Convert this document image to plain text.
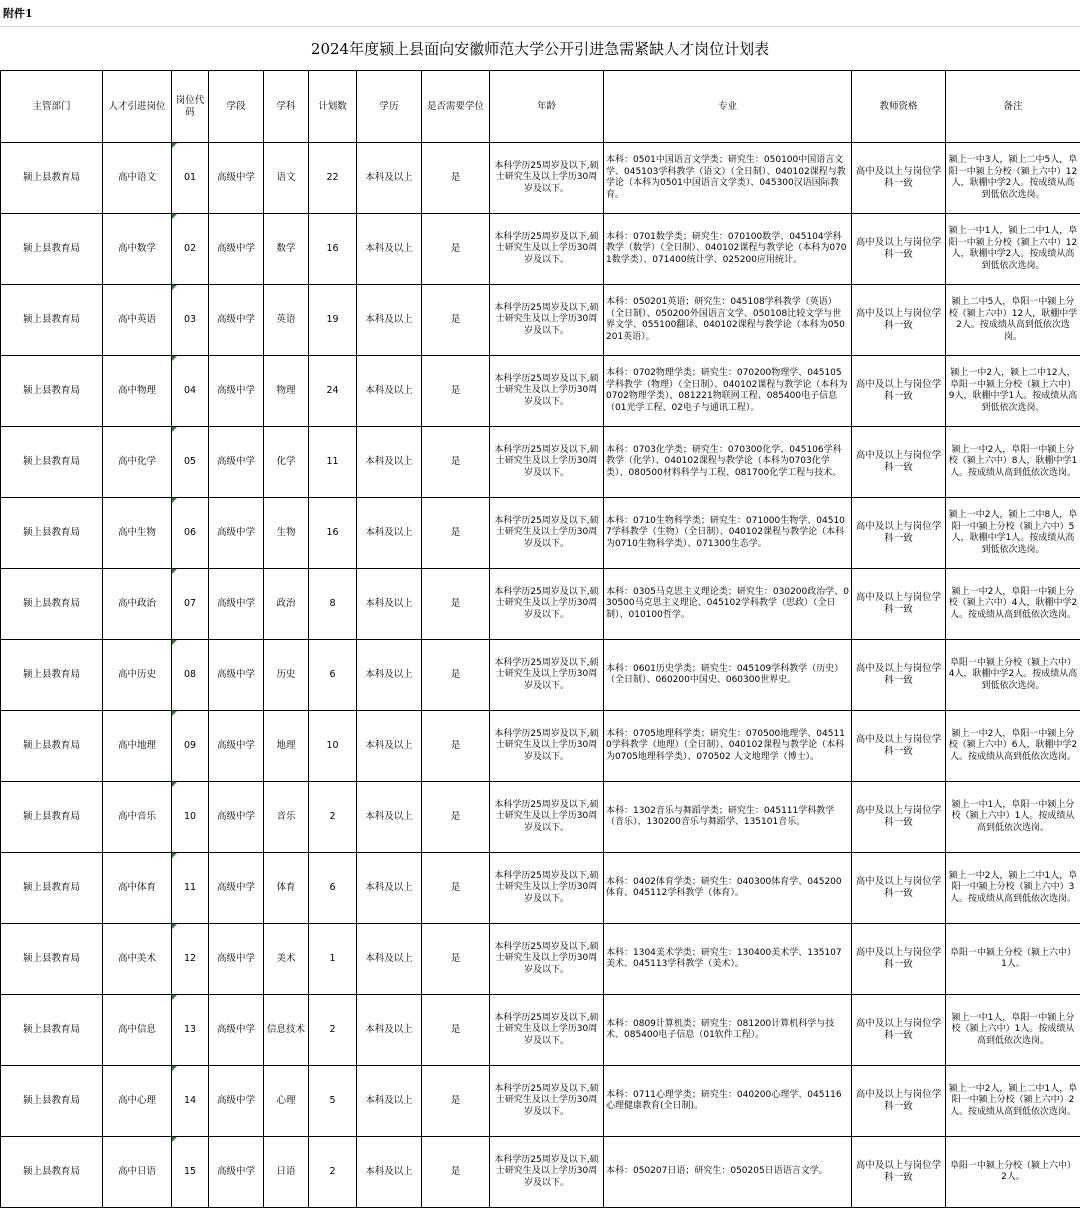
附件1
2024年度颍上县面向安徽师范大学公开引进急需紧缺人才岗位计划表
主管部门	人才引进岗位	岗位代码	学段	学科	计划数	学历	是否需要学位	年龄	专业	教师资格	备注
颍上县教育局	高中语文	01	高级中学	语文	22	本科及以上	是	本科学历25周岁及以下,硕士研究生及以上学历30周岁及以下。	本科：0501中国语言文学类；研究生：050100中国语言文学、045103学科教学（语文）（全日制）、040102课程与教学论（本科为0501中国语言文学类）、045300汉语国际教育。	高中及以上与岗位学科一致	颍上一中3人，颍上二中5人，阜阳一中颍上分校（颍上六中）12人，耿棚中学2人。按成绩从高到低依次选岗。
颍上县教育局	高中数学	02	高级中学	数学	16	本科及以上	是	本科学历25周岁及以下,硕士研究生及以上学历30周岁及以下。	本科：0701数学类；研究生：070100数学、045104学科教学（数学）（全日制）、040102课程与教学论（本科为0701数学类）、071400统计学、025200应用统计。	高中及以上与岗位学科一致	颍上一中1人，颍上二中1人，阜阳一中颍上分校（颍上六中）12人，耿棚中学2人。按成绩从高到低依次选岗。
颍上县教育局	高中英语	03	高级中学	英语	19	本科及以上	是	本科学历25周岁及以下,硕士研究生及以上学历30周岁及以下。	本科：050201英语；研究生：045108学科教学（英语）（全日制）、050200外国语言文学、050108比较文学与世界文学、055100翻译、040102课程与教学论（本科为050201英语）。	高中及以上与岗位学科一致	颍上二中5人，阜阳一中颍上分校（颍上六中）12人，耿棚中学2人。按成绩从高到低依次选岗。
颍上县教育局	高中物理	04	高级中学	物理	24	本科及以上	是	本科学历25周岁及以下,硕士研究生及以上学历30周岁及以下。	本科：0702物理学类；研究生：070200物理学、045105学科教学（物理）（全日制）、040102课程与教学论（本科为0702物理学类）、081221物联网工程、085400电子信息（01光学工程、02电子与通讯工程）。	高中及以上与岗位学科一致	颍上一中2人，颍上二中12人，阜阳一中颍上分校（颍上六中）9人，耿棚中学1人。按成绩从高到低依次选岗。
颍上县教育局	高中化学	05	高级中学	化学	11	本科及以上	是	本科学历25周岁及以下,硕士研究生及以上学历30周岁及以下。	本科：0703化学类；研究生：070300化学、045106学科教学（化学）、040102课程与教学论（本科为0703化学类）、080500材料科学与工程、081700化学工程与技术。	高中及以上与岗位学科一致	颍上一中2人，阜阳一中颍上分校（颍上六中）8人，耿棚中学1人。按成绩从高到低依次选岗。
颍上县教育局	高中生物	06	高级中学	生物	16	本科及以上	是	本科学历25周岁及以下,硕士研究生及以上学历30周岁及以下。	本科：0710生物科学类；研究生：071000生物学、045107学科教学（生物）（全日制）、040102课程与教学论（本科为0710生物科学类）、071300生态学。	高中及以上与岗位学科一致	颍上一中2人，颍上二中8人，阜阳一中颍上分校（颍上六中）5人，耿棚中学1人。按成绩从高到低依次选岗。
颍上县教育局	高中政治	07	高级中学	政治	8	本科及以上	是	本科学历25周岁及以下,硕士研究生及以上学历30周岁及以下。	本科：0305马克思主义理论类；研究生：030200政治学、030500马克思主义理论、045102学科教学（思政）（全日制）、010100哲学。	高中及以上与岗位学科一致	颍上一中2人，阜阳一中颍上分校（颍上六中）4人，耿棚中学2人。按成绩从高到低依次选岗。
颍上县教育局	高中历史	08	高级中学	历史	6	本科及以上	是	本科学历25周岁及以下,硕士研究生及以上学历30周岁及以下。	本科：0601历史学类；研究生：045109学科教学（历史）（全日制）、060200中国史、060300世界史。	高中及以上与岗位学科一致	阜阳一中颍上分校（颍上六中）4人，耿棚中学2人。按成绩从高到低依次选岗。
颍上县教育局	高中地理	09	高级中学	地理	10	本科及以上	是	本科学历25周岁及以下,硕士研究生及以上学历30周岁及以下。	本科：0705地理科学类；研究生：070500地理学、045110学科教学（地理）（全日制）、040102课程与教学论（本科为0705地理科学类）、070502 人文地理学（博士）。	高中及以上与岗位学科一致	颍上一中2人，阜阳一中颍上分校（颍上六中）6人，耿棚中学2人。按成绩从高到低依次选岗。
颍上县教育局	高中音乐	10	高级中学	音乐	2	本科及以上	是	本科学历25周岁及以下,硕士研究生及以上学历30周岁及以下。	本科：1302音乐与舞蹈学类；研究生：045111学科教学（音乐）、130200音乐与舞蹈学、135101音乐。	高中及以上与岗位学科一致	颍上一中1人，阜阳一中颍上分校（颍上六中）1人。按成绩从高到低依次选岗。
颍上县教育局	高中体育	11	高级中学	体育	6	本科及以上	是	本科学历25周岁及以下,硕士研究生及以上学历30周岁及以下。	本科：0402体育学类；研究生：040300体育学、045200体育、045112学科教学（体育）。	高中及以上与岗位学科一致	颍上一中2人，颍上二中1人，阜阳一中颍上分校（颍上六中）3人。按成绩从高到低依次选岗。
颍上县教育局	高中美术	12	高级中学	美术	1	本科及以上	是	本科学历25周岁及以下,硕士研究生及以上学历30周岁及以下。	本科：1304美术学类；研究生：130400美术学、135107美术、045113学科教学（美术）。	高中及以上与岗位学科一致	阜阳一中颍上分校（颍上六中）1人。
颍上县教育局	高中信息	13	高级中学	信息技术	2	本科及以上	是	本科学历25周岁及以下,硕士研究生及以上学历30周岁及以下。	本科：0809计算机类；研究生：081200计算机科学与技术、085400电子信息（01软件工程）。	高中及以上与岗位学科一致	颍上一中1人，阜阳一中颍上分校（颍上六中）1人。按成绩从高到低依次选岗。
颍上县教育局	高中心理	14	高级中学	心理	5	本科及以上	是	本科学历25周岁及以下,硕士研究生及以上学历30周岁及以下。	本科：0711心理学类；研究生：040200心理学、045116心理健康教育(全日制)。	高中及以上与岗位学科一致	颍上一中2人，颍上二中1人，阜阳一中颍上分校（颍上六中）2人。按成绩从高到低依次选岗。
颍上县教育局	高中日语	15	高级中学	日语	2	本科及以上	是	本科学历25周岁及以下,硕士研究生及以上学历30周岁及以下。	本科：050207日语；研究生：050205日语语言文学。	高中及以上与岗位学科一致	阜阳一中颍上分校（颍上六中）2人。
